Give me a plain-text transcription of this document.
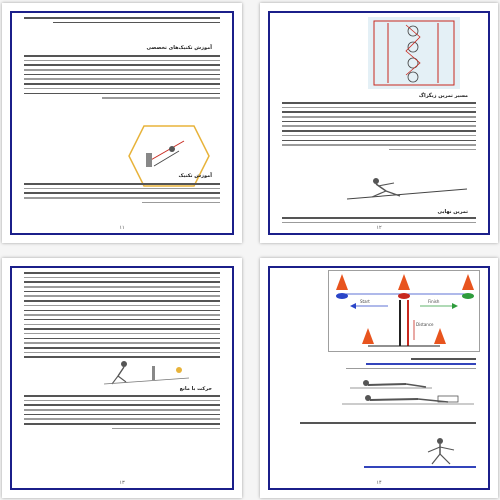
آموزش تکنیک‌های تخصصی
آموزش تکنیک
۱۱
مسیر تمرین زیگزاگ
تمرین نهایی
۱۲
حرکت با مانع
۱۳
Start	Finish
Distance
۱۴
